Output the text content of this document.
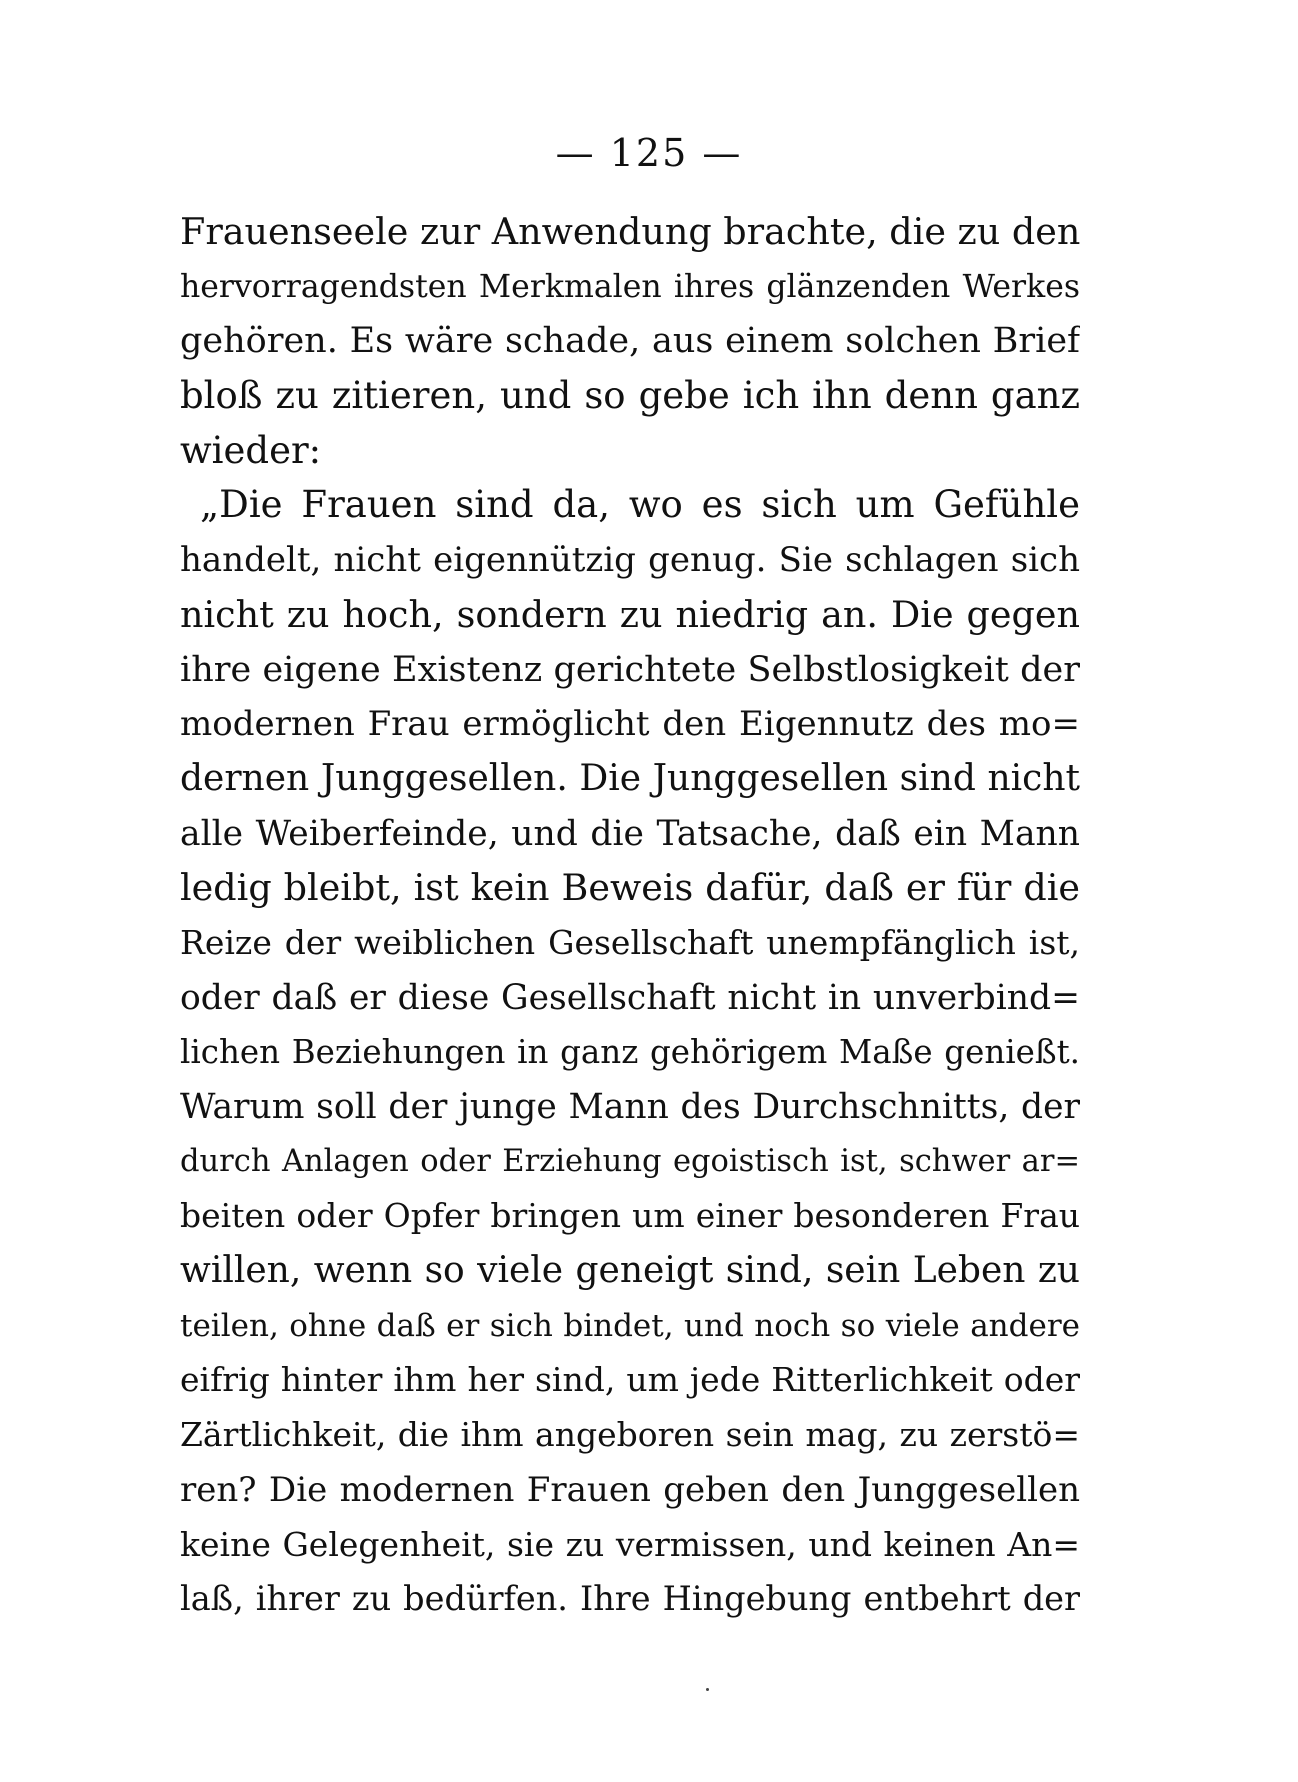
— 125 —
Frauenseele zur Anwendung brachte, die zu den
hervorragendsten Merkmalen ihres glänzenden Werkes
gehören. Es wäre schade, aus einem solchen Brief
bloß zu zitieren, und so gebe ich ihn denn ganz
wieder:
„Die Frauen sind da, wo es sich um Gefühle
handelt, nicht eigennützig genug. Sie schlagen sich
nicht zu hoch, sondern zu niedrig an. Die gegen
ihre eigene Existenz gerichtete Selbstlosigkeit der
modernen Frau ermöglicht den Eigennutz des mo=
dernen Junggesellen. Die Junggesellen sind nicht
alle Weiberfeinde, und die Tatsache, daß ein Mann
ledig bleibt, ist kein Beweis dafür, daß er für die
Reize der weiblichen Gesellschaft unempfänglich ist,
oder daß er diese Gesellschaft nicht in unverbind=
lichen Beziehungen in ganz gehörigem Maße genießt.
Warum soll der junge Mann des Durchschnitts, der
durch Anlagen oder Erziehung egoistisch ist, schwer ar=
beiten oder Opfer bringen um einer besonderen Frau
willen, wenn so viele geneigt sind, sein Leben zu
teilen, ohne daß er sich bindet, und noch so viele andere
eifrig hinter ihm her sind, um jede Ritterlichkeit oder
Zärtlichkeit, die ihm angeboren sein mag, zu zerstö=
ren? Die modernen Frauen geben den Junggesellen
keine Gelegenheit, sie zu vermissen, und keinen An=
laß, ihrer zu bedürfen. Ihre Hingebung entbehrt der
